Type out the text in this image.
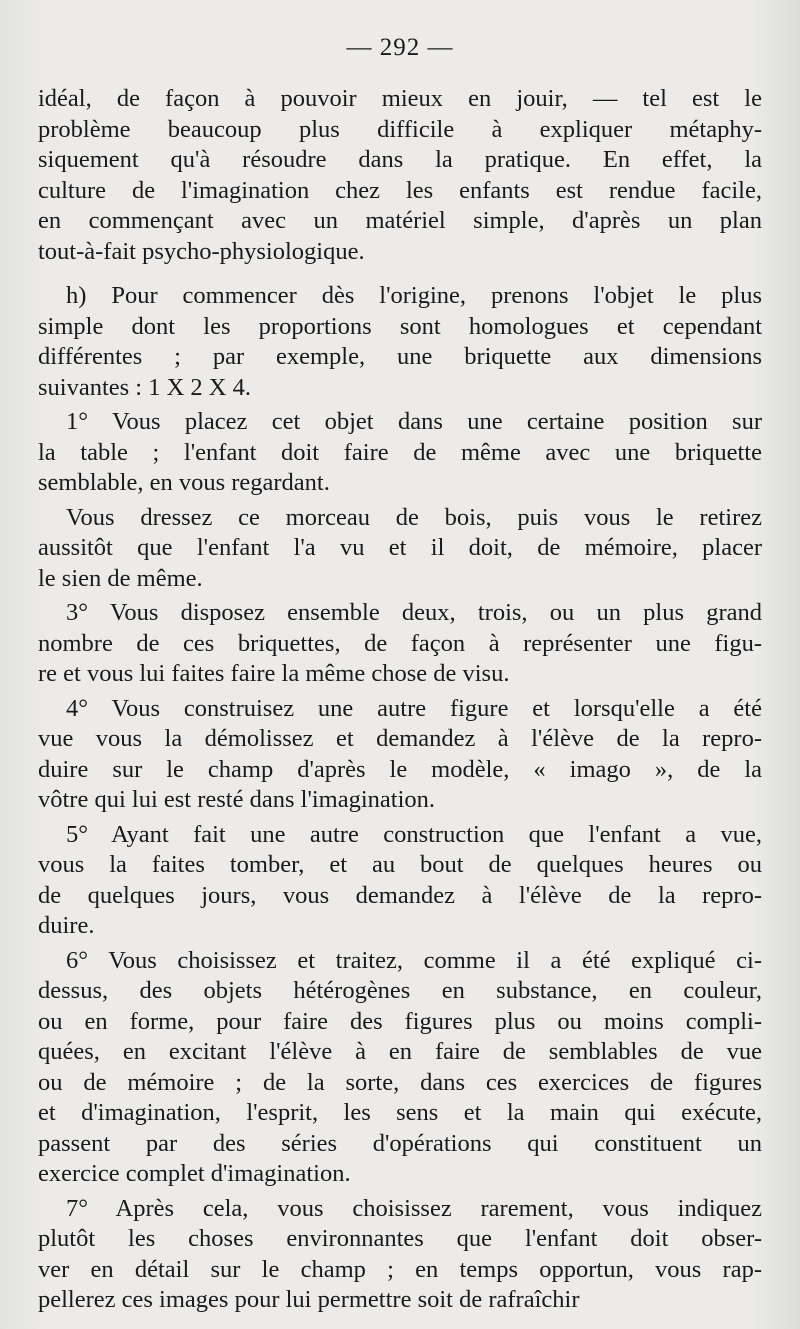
— 292 —
idéal, de façon à pouvoir mieux en jouir, — tel est le
problème beaucoup plus difficile à expliquer métaphy-
siquement qu'à résoudre dans la pratique. En effet, la
culture de l'imagination chez les enfants est rendue facile,
en commençant avec un matériel simple, d'après un plan
tout-à-fait psycho-physiologique.
h) Pour commencer dès l'origine, prenons l'objet le plus
simple dont les proportions sont homologues et cependant
différentes ; par exemple, une briquette aux dimensions
suivantes : 1 X 2 X 4.
1° Vous placez cet objet dans une certaine position sur
la table ; l'enfant doit faire de même avec une briquette
semblable, en vous regardant.
Vous dressez ce morceau de bois, puis vous le retirez
aussitôt que l'enfant l'a vu et il doit, de mémoire, placer
le sien de même.
3° Vous disposez ensemble deux, trois, ou un plus grand
nombre de ces briquettes, de façon à représenter une figu-
re et vous lui faites faire la même chose de visu.
4° Vous construisez une autre figure et lorsqu'elle a été
vue vous la démolissez et demandez à l'élève de la repro-
duire sur le champ d'après le modèle, « imago », de la
vôtre qui lui est resté dans l'imagination.
5° Ayant fait une autre construction que l'enfant a vue,
vous la faites tomber, et au bout de quelques heures ou
de quelques jours, vous demandez à l'élève de la repro-
duire.
6° Vous choisissez et traitez, comme il a été expliqué ci-
dessus, des objets hétérogènes en substance, en couleur,
ou en forme, pour faire des figures plus ou moins compli-
quées, en excitant l'élève à en faire de semblables de vue
ou de mémoire ; de la sorte, dans ces exercices de figures
et d'imagination, l'esprit, les sens et la main qui exécute,
passent par des séries d'opérations qui constituent un
exercice complet d'imagination.
7° Après cela, vous choisissez rarement, vous indiquez
plutôt les choses environnantes que l'enfant doit obser-
ver en détail sur le champ ; en temps opportun, vous rap-
pellerez ces images pour lui permettre soit de rafraîchir
